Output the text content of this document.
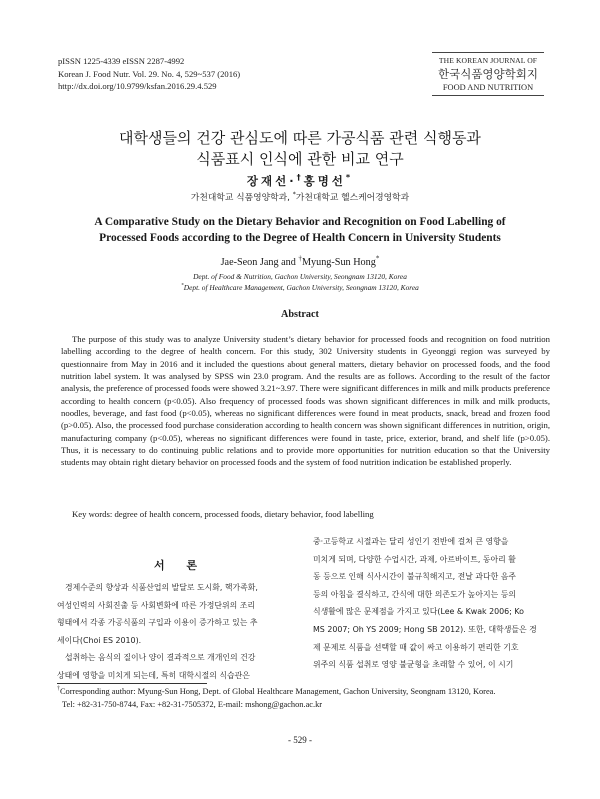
pISSN 1225-4339 eISSN 2287-4992
Korean J. Food Nutr. Vol. 29. No. 4, 529~537 (2016)
http://dx.doi.org/10.9799/ksfan.2016.29.4.529
THE KOREAN JOURNAL OF
한국식품영양학회지
FOOD AND NUTRITION
대학생들의 건강 관심도에 따른 가공식품 관련 식행동과
식품표시 인식에 관한 비교 연구
장재선·†홍명선*
가천대학교 식품영양학과, *가천대학교 헬스케어경영학과
A Comparative Study on the Dietary Behavior and Recognition on Food Labelling of
Processed Foods according to the Degree of Health Concern in University Students
Jae-Seon Jang and †Myung-Sun Hong*
Dept. of Food & Nutrition, Gachon University, Seongnam 13120, Korea
*Dept. of Healthcare Management, Gachon University, Seongnam 13120, Korea
Abstract

The purpose of this study was to analyze University student’s dietary behavior for processed foods and recognition on food nutrition labelling according to the degree of health concern. For this study, 302 University students in Gyeonggi region was surveyed by questionnaire from May in 2016 and it included the questions about general matters, dietary behavior on processed foods, and the food nutrition label system. It was analysed by SPSS win 23.0 program. And the results are as follows. According to the result of the factor analysis, the preference of processed foods were showed 3.21~3.97. There were significant differences in milk and milk products preference according to health concern (p<0.05). Also frequency of processed foods was shown significant differences in milk and milk products, noodles, beverage, and fast food (p<0.05), whereas no significant differences were found in meat products, snack, bread and frozen food (p>0.05). Also, the processed food purchase consideration according to health concern was shown significant differences in nutrition, origin, manufacturing company (p<0.05), whereas no significant differences were found in taste, price, exterior, brand, and shelf life (p>0.05). Thus, it is necessary to do continuing public relations and to provide more opportunities for nutrition education so that the University students may obtain right dietary behavior on processed foods and the system of food nutrition indication be established properly.

Key words: degree of health concern, processed foods, dietary behavior, food labelling
서 론
경제수준의 향상과 식품산업의 발달로 도시화, 핵가족화,
여성인력의 사회진출 등 사회변화에 따른 가정단위의 조리
형태에서 각종 가공식품의 구입과 이용이 증가하고 있는 추
세이다(Choi ES 2010).
섭취하는 음식의 질이나 양이 결과적으로 개개인의 건강
상태에 영향을 미치게 되는데, 특히 대학시절의 식습관은
중·고등학교 시절과는 달리 성인기 전반에 걸쳐 큰 영향을
미치게 되며, 다양한 수업시간, 과제, 아르바이트, 동아리 활
동 등으로 인해 식사시간이 불규칙해지고, 전날 과다한 음주
등의 아침을 결식하고, 간식에 대한 의존도가 높아지는 등의
식생활에 많은 문제점을 가지고 있다(Lee & Kwak 2006; Ko
MS 2007; Oh YS 2009; Hong SB 2012). 또한, 대학생들은 경
제 문제로 식품을 선택할 때 값이 싸고 이용하기 편리한 기호
위주의 식품 섭취로 영양 불균형을 초래할 수 있어, 이 시기
†Corresponding author: Myung-Sun Hong, Dept. of Global Healthcare Management, Gachon University, Seongnam 13120, Korea.
Tel: +82-31-750-8744, Fax: +82-31-7505372, E-mail: mshong@gachon.ac.kr
- 529 -
